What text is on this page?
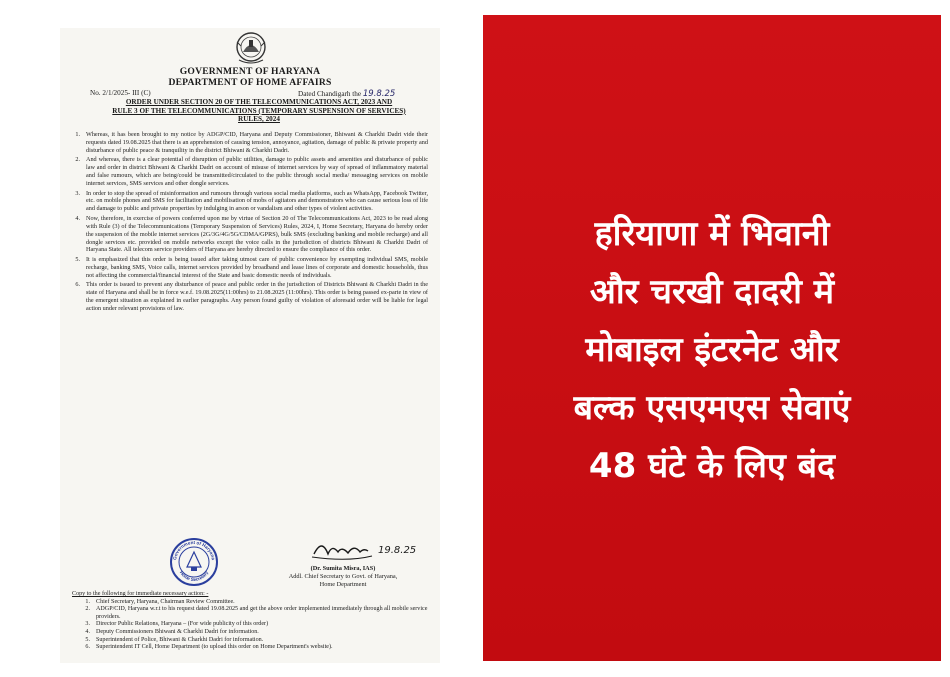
GOVERNMENT OF HARYANA
DEPARTMENT OF HOME AFFAIRS
No. 2/1/2025- III (C)	Dated Chandigarh the 19.8.25
ORDER UNDER SECTION 20 OF THE TELECOMMUNICATIONS ACT, 2023 AND
RULE 3 OF THE TELECOMMUNICATIONS (TEMPORARY SUSPENSION OF SERVICES)
RULES, 2024
1. Whereas, it has been brought to my notice by ADGP/CID, Haryana and Deputy Commissioner, Bhiwani & Charkhi Dadri vide their requests dated 19.08.2025 that there is an apprehension of causing tension, annoyance, agitation, damage of public & private property and disturbance of public peace & tranquility in the district Bhiwani & Charkhi Dadri.
2. And whereas, there is a clear potential of disruption of public utilities, damage to public assets and amenities and disturbance of public law and order in district Bhiwani & Charkhi Dadri on account of misuse of internet services by way of spread of inflammatory material and false rumours, which are being/could be transmitted/circulated to the public through social media/ messaging services on mobile internet services, SMS services and other dongle services.
3. In order to stop the spread of misinformation and rumours through various social media platforms, such as WhatsApp, Facebook Twitter, etc. on mobile phones and SMS for facilitation and mobilisation of mobs of agitators and demonstrators who can cause serious loss of life and damage to public and private properties by indulging in arson or vandalism and other types of violent activities.
4. Now, therefore, in exercise of powers conferred upon me by virtue of Section 20 of The Telecommunications Act, 2023 to be read along with Rule (3) of the Telecommunications (Temporary Suspension of Services) Rules, 2024, I, Home Secretary, Haryana do hereby order the suspension of the mobile internet services (2G/3G/4G/5G/CDMA/GPRS), bulk SMS (excluding banking and mobile recharge) and all dongle services etc. provided on mobile networks except the voice calls in the jurisdiction of districts Bhiwani & Charkhi Dadri of Haryana State. All telecom service providers of Haryana are hereby directed to ensure the compliance of this order.
5. It is emphasized that this order is being issued after taking utmost care of public convenience by exempting individual SMS, mobile recharge, banking SMS, Voice calls, internet services provided by broadband and lease lines of corporate and domestic households, thus not affecting the commercial/financial interest of the State and basic domestic needs of individuals.
6. This order is issued to prevent any disturbance of peace and public order in the jurisdiction of Districts Bhiwani & Charkhi Dadri in the state of Haryana and shall be in force w.e.f. 19.08.2025(11:00hrs) to 21.08.2025 (11:00hrs). This order is being passed ex-parte in view of the emergent situation as explained in earlier paragraphs. Any person found guilty of violation of aforesaid order will be liable for legal action under relevant provisions of law.
Government of Haryana
Home Secretary
19.8.25
(Dr. Sumita Misra, IAS)
Addl. Chief Secretary to Govt. of Haryana,
Home Department
Copy to the following for immediate necessary action: -
1. Chief Secretary, Haryana, Chairman Review Committee.
2. ADGP/CID, Haryana w.r.t to his request dated 19.08.2025 and get the above order implemented immediately through all mobile service providers.
3. Director Public Relations, Haryana – (For wide publicity of this order)
4. Deputy Commissioners Bhiwani & Charkhi Dadri for information.
5. Superintendent of Police, Bhiwani & Charkhi Dadri for information.
6. Superintendent IT Cell, Home Department (to upload this order on Home Department's website).
हरियाणा में भिवानी
और चरखी दादरी में
मोबाइल इंटरनेट और
बल्क एसएमएस सेवाएं
48 घंटे के लिए बंद
